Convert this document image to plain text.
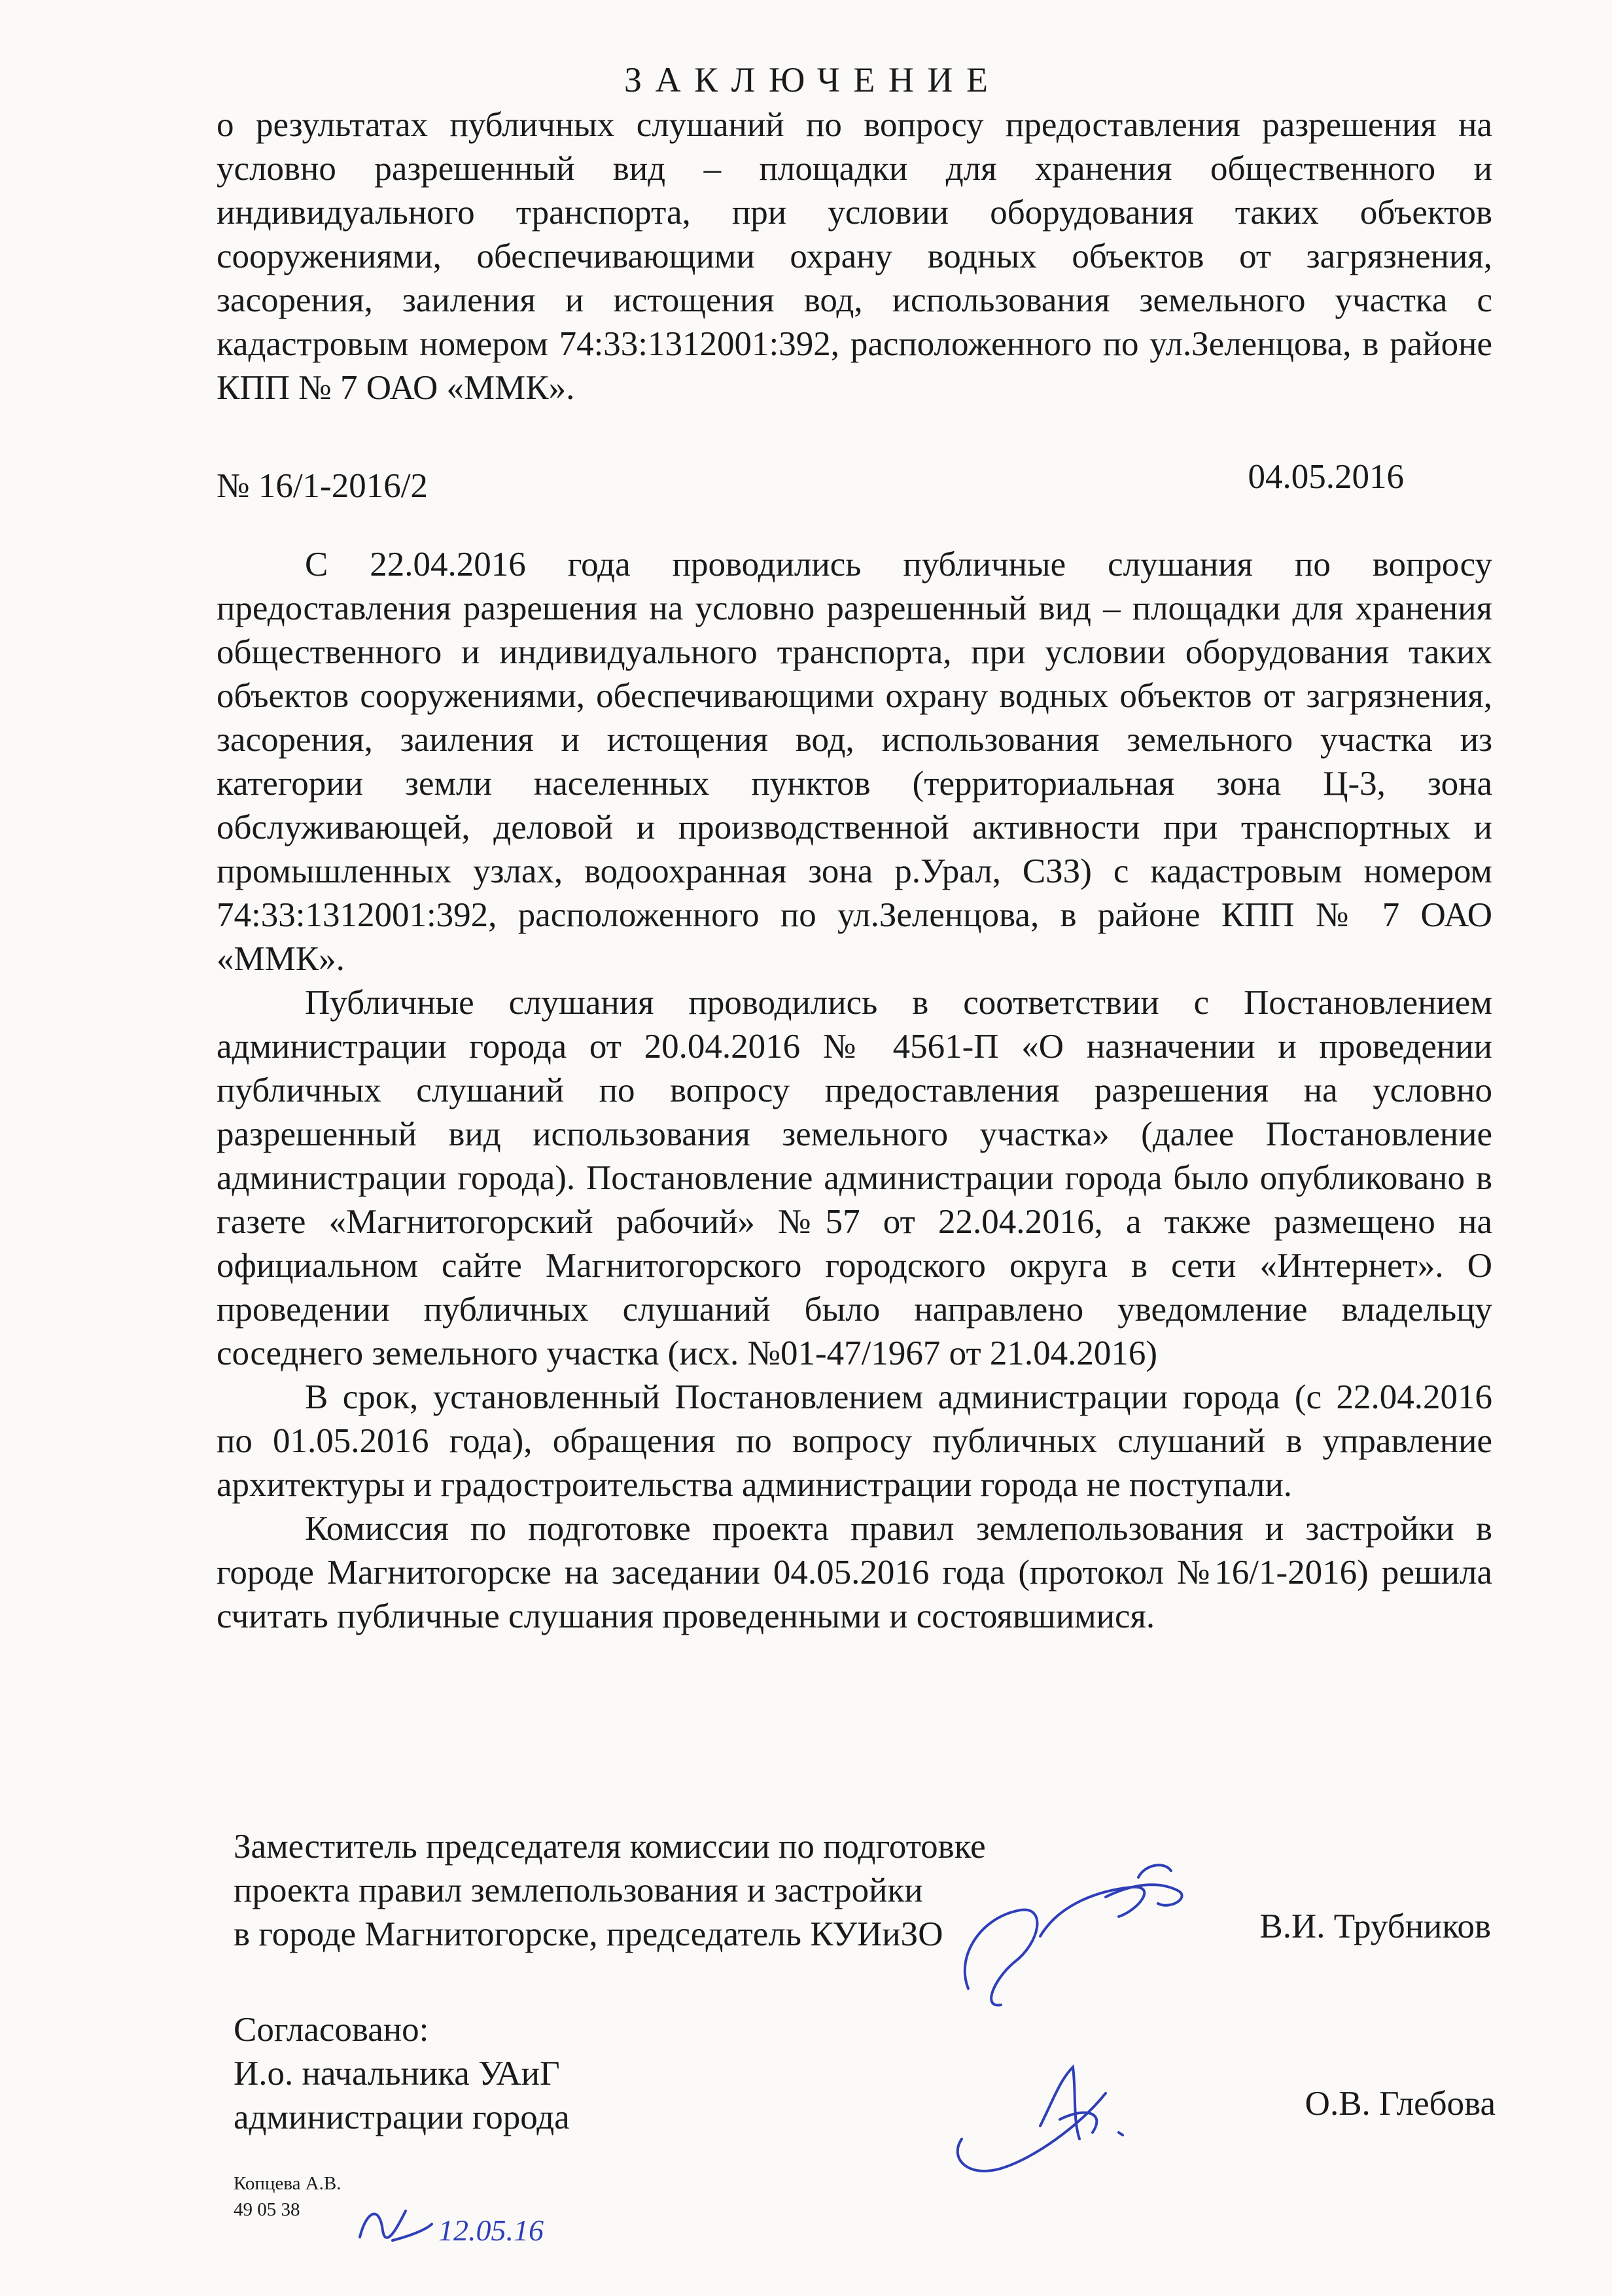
ЗАКЛЮЧЕНИЕ

о результатах публичных слушаний по вопросу предоставления разрешения на условно разрешенный вид – площадки для хранения общественного и индивидуального транспорта, при условии оборудования таких объектов сооружениями, обеспечивающими охрану водных объектов от загрязнения, засорения, заиления и истощения вод, использования земельного участка с кадастровым номером 74:33:1312001:392, расположенного по ул.Зеленцова, в районе КПП № 7 ОАО «ММК».

№ 16/1-2016/2	04.05.2016

С 22.04.2016 года проводились публичные слушания по вопросу предоставления разрешения на условно разрешенный вид – площадки для хранения общественного и индивидуального транспорта, при условии оборудования таких объектов сооружениями, обеспечивающими охрану водных объектов от загрязнения, засорения, заиления и истощения вод, использования земельного участка из категории земли населенных пунктов (территориальная зона Ц-3, зона обслуживающей, деловой и производственной активности при транспортных и промышленных узлах, водоохранная зона р.Урал, СЗЗ) с кадастровым номером 74:33:1312001:392, расположенного по ул.Зеленцова, в районе КПП № 7 ОАО «ММК».

Публичные слушания проводились в соответствии с Постановлением администрации города от 20.04.2016 № 4561-П «О назначении и проведении публичных слушаний по вопросу предоставления разрешения на условно разрешенный вид использования земельного участка» (далее Постановление администрации города). Постановление администрации города было опубликовано в газете «Магнитогорский рабочий» №57 от 22.04.2016, а также размещено на официальном сайте Магнитогорского городского округа в сети «Интернет». О проведении публичных слушаний было направлено уведомление владельцу соседнего земельного участка (исх. №01-47/1967 от 21.04.2016)

В срок, установленный Постановлением администрации города (с 22.04.2016 по 01.05.2016 года), обращения по вопросу публичных слушаний в управление архитектуры и градостроительства администрации города не поступали.

Комиссия по подготовке проекта правил землепользования и застройки в городе Магнитогорске на заседании 04.05.2016 года (протокол №16/1-2016) решила считать публичные слушания проведенными и состоявшимися.

Заместитель председателя комиссии по подготовке
проекта правил землепользования и застройки
в городе Магнитогорске, председатель КУИиЗО	В.И. Трубников
Согласовано:
И.о. начальника УАиГ
администрации города	О.В. Глебова
Копцева А.В.
49 05 38
12.05.16
